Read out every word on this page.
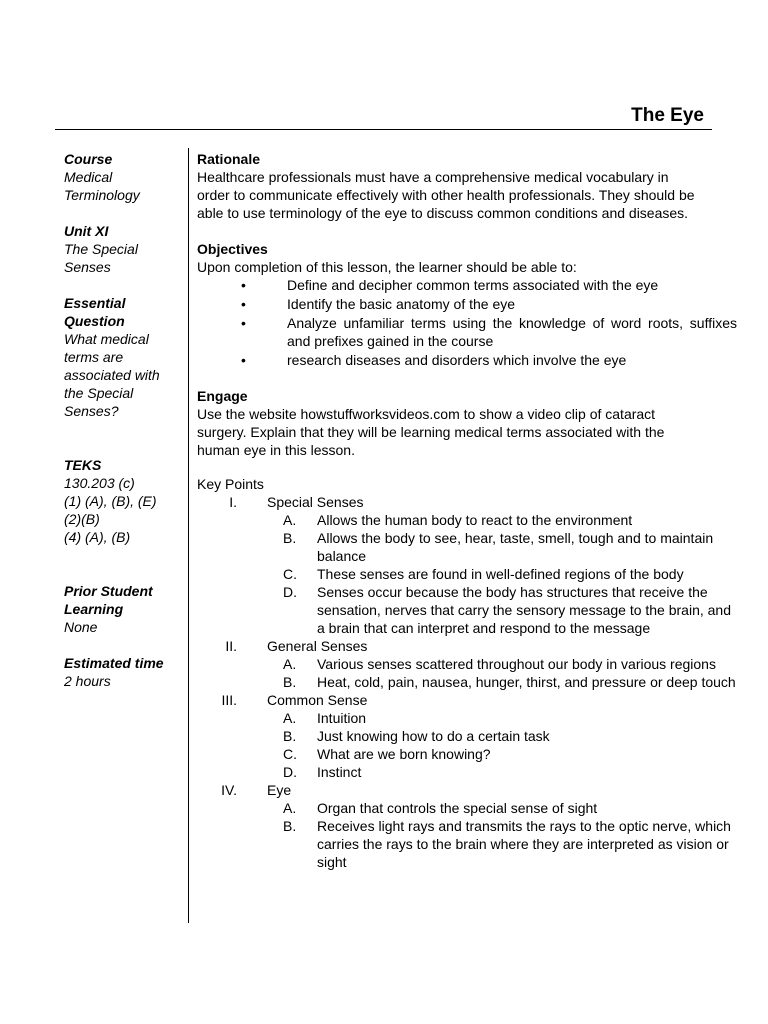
The Eye
Course
Medical
Terminology
Unit XI
The Special
Senses
Essential
Question
What medical
terms are
associated with
the Special
Senses?
TEKS
130.203 (c)
(1) (A), (B), (E)
(2)(B)
(4) (A), (B)
Prior Student
Learning
None
Estimated time
2 hours
Rationale
Healthcare professionals must have a comprehensive medical vocabulary in
order to communicate effectively with other health professionals. They should be
able to use terminology of the eye to discuss common conditions and diseases.
Objectives
Upon completion of this lesson, the learner should be able to:
•	Define and decipher common terms associated with the eye
•	Identify the basic anatomy of the eye
•	Analyze unfamiliar terms using the knowledge of word roots, suffixes and prefixes gained in the course
•	research diseases and disorders which involve the eye
Engage
Use the website howstuffworksvideos.com to show a video clip of cataract
surgery. Explain that they will be learning medical terms associated with the
human eye in this lesson.
Key Points
I. Special Senses
A. Allows the human body to react to the environment
B. Allows the body to see, hear, taste, smell, tough and to maintain balance
C. These senses are found in well-defined regions of the body
D. Senses occur because the body has structures that receive the sensation, nerves that carry the sensory message to the brain, and a brain that can interpret and respond to the message
II. General Senses
A. Various senses scattered throughout our body in various regions
B. Heat, cold, pain, nausea, hunger, thirst, and pressure or deep touch
III. Common Sense
A. Intuition
B. Just knowing how to do a certain task
C. What are we born knowing?
D. Instinct
IV. Eye
A. Organ that controls the special sense of sight
B. Receives light rays and transmits the rays to the optic nerve, which carries the rays to the brain where they are interpreted as vision or sight
